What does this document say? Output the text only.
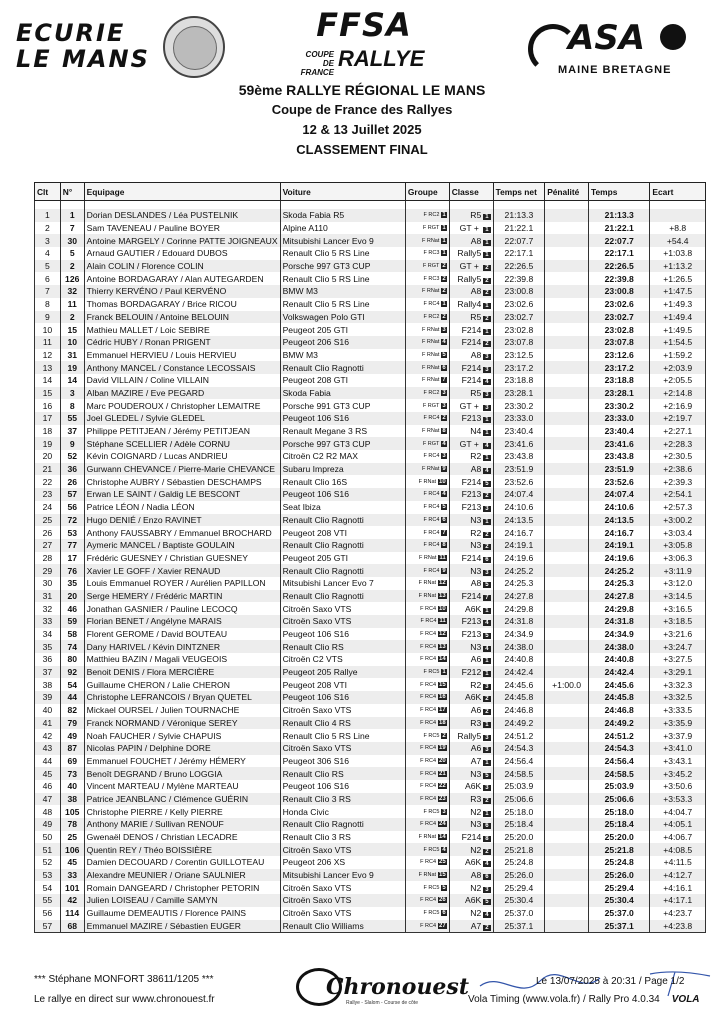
ECURIE
LE MANS
FFSA
COUPE DE FRANCE
RALLYE
ASA
MAINE BRETAGNE
59ème RALLYE RÉGIONAL LE MANS
Coupe de France des Rallyes
12 & 13 Juillet 2025
CLASSEMENT FINAL
Clt	N°	Equipage	Voiture	Groupe	Classe	Temps net	Pénalité	Temps	Ecart

1	1	Dorian DESLANDES / Léa PUSTELNIK	Skoda Fabia R5	F RC2 1	R5 1	21:13.3		21:13.3	
2	7	Sam TAVENEAU / Pauline BOYER	Alpine A110	F RGT 1	GT + 1	21:22.1		21:22.1	+8.8
3	30	Antoine MARGELY / Corinne PATTE JOIGNEAUX	Mitsubishi Lancer Evo 9	F RNat 1	A8 1	22:07.7		22:07.7	+54.4
4	5	Arnaud GAUTIER / Edouard DUBOS	Renault Clio 5 RS Line	F RC3 1	Rally5 1	22:17.1		22:17.1	+1:03.8
5	2	Alain COLIN / Florence COLIN	Porsche 997 GT3 CUP	F RGT 2	GT + 2	22:26.5		22:26.5	+1:13.2
6	126	Antoine BORDAGARAY / Alan AUTEGARDEN	Renault Clio 5 RS Line	F RC3 2	Rally5 2	22:39.8		22:39.8	+1:26.5
7	32	Thierry KERVÉNO / Paul KERVÉNO	BMW M3	F RNat 2	A8 2	23:00.8		23:00.8	+1:47.5
8	11	Thomas BORDAGARAY / Brice RICOU	Renault Clio 5 RS Line	F RC4 1	Rally4 1	23:02.6		23:02.6	+1:49.3
9	2	Franck BELOUIN / Antoine BELOUIN	Volkswagen Polo GTI	F RC2 2	R5 2	23:02.7		23:02.7	+1:49.4
10	15	Mathieu MALLET / Loic SEBIRE	Peugeot 205 GTI	F RNat 3	F214 1	23:02.8		23:02.8	+1:49.5
11	10	Cédric HUBY / Ronan PRIGENT	Peugeot 206 S16	F RNat 4	F214 2	23:07.8		23:07.8	+1:54.5
12	31	Emmanuel HERVIEU / Louis HERVIEU	BMW M3	F RNat 5	A8 3	23:12.5		23:12.6	+1:59.2
13	19	Anthony MANCEL / Constance LECOSSAIS	Renault Clio Ragnotti	F RNat 6	F214 3	23:17.2		23:17.2	+2:03.9
14	14	David VILLAIN / Coline VILLAIN	Peugeot 208 GTI	F RNat 7	F214 4	23:18.8		23:18.8	+2:05.5
15	3	Alban MAZIRE / Eve PEGARD	Skoda Fabia	F RC2 3	R5 3	23:28.1		23:28.1	+2:14.8
16	8	Marc POUDEROUX / Christopher LEMAITRE	Porsche 991 GT3 CUP	F RGT 3	GT + 3	23:30.2		23:30.2	+2:16.9
17	55	Joel GLEDEL / Sylvie GLEDEL	Peugeot 106 S16	F RC4 2	F213 1	23:33.0		23:33.0	+2:19.7
18	37	Philippe PETITJEAN / Jérémy PETITJEAN	Renault Megane 3 RS	F RNat 8	N4 1	23:40.4		23:40.4	+2:27.1
19	9	Stéphane SCELLIER / Adèle CORNU	Porsche 997 GT3 CUP	F RGT 4	GT + 4	23:41.6		23:41.6	+2:28.3
20	52	Kévin COIGNARD / Lucas ANDRIEU	Citroën C2 R2 MAX	F RC4 3	R2 1	23:43.8		23:43.8	+2:30.5
21	36	Gurwann CHEVANCE / Pierre-Marie CHEVANCE	Subaru Impreza	F RNat 9	A8 4	23:51.9		23:51.9	+2:38.6
22	26	Christophe AUBRY / Sébastien DESCHAMPS	Renault Clio 16S	F RNat 10	F214 5	23:52.6		23:52.6	+2:39.3
23	57	Erwan LE SAINT / Galdig LE BESCONT	Peugeot 106 S16	F RC4 4	F213 2	24:07.4		24:07.4	+2:54.1
24	56	Patrice LÉON / Nadia LÉON	Seat Ibiza	F RC4 5	F213 3	24:10.6		24:10.6	+2:57.3
25	72	Hugo DENIÉ / Enzo RAVINET	Renault Clio Ragnotti	F RC4 6	N3 1	24:13.5		24:13.5	+3:00.2
26	53	Anthony FAUSSABRY / Emmanuel BROCHARD	Peugeot 208 VTI	F RC4 7	R2 2	24:16.7		24:16.7	+3:03.4
27	77	Aymeric MANCEL / Baptiste GOULAIN	Renault Clio Ragnotti	F RC4 8	N3 2	24:19.1		24:19.1	+3:05.8
28	17	Frédéric GUESNEY / Christian GUESNEY	Peugeot 205 GTI	F RNat 11	F214 6	24:19.6		24:19.6	+3:06.3
29	76	Xavier LE GOFF / Xavier RENAUD	Renault Clio Ragnotti	F RC4 9	N3 3	24:25.2		24:25.2	+3:11.9
30	35	Louis Emmanuel ROYER / Aurélien PAPILLON	Mitsubishi Lancer Evo 7	F RNat 12	A8 5	24:25.3		24:25.3	+3:12.0
31	20	Serge HEMERY / Frédéric MARTIN	Renault Clio Ragnotti	F RNat 13	F214 7	24:27.8		24:27.8	+3:14.5
32	46	Jonathan GASNIER / Pauline LECOCQ	Citroën Saxo VTS	F RC4 10	A6K 1	24:29.8		24:29.8	+3:16.5
33	59	Florian BENET / Angélyne MARAIS	Citroën Saxo VTS	F RC4 11	F213 4	24:31.8		24:31.8	+3:18.5
34	58	Florent GEROME / David BOUTEAU	Peugeot 106 S16	F RC4 12	F213 5	24:34.9		24:34.9	+3:21.6
35	74	Dany HARIVEL / Kévin DINTZNER	Renault Clio RS	F RC4 13	N3 4	24:38.0		24:38.0	+3:24.7
36	80	Matthieu BAZIN / Magali VEUGEOIS	Citroën C2 VTS	F RC4 14	A6 1	24:40.8		24:40.8	+3:27.5
37	92	Benoit DENIS / Flora MERCIÈRE	Peugeot 205 Rallye	F RC5 1	F212 1	24:42.4		24:42.4	+3:29.1
38	54	Guillaume CHERON / Lalie CHERON	Peugeot 208 VTI	F RC4 15	R2 3	24:45.6	+1:00.0	24:45.6	+3:32.3
39	44	Christophe LEFRANCOIS / Bryan QUETEL	Peugeot 106 S16	F RC4 16	A6K 2	24:45.8		24:45.8	+3:32.5
40	82	Mickael OURSEL / Julien TOURNACHE	Citroën Saxo VTS	F RC4 17	A6 2	24:46.8		24:46.8	+3:33.5
41	79	Franck NORMAND / Véronique SEREY	Renault Clio 4 RS	F RC4 18	R3 1	24:49.2		24:49.2	+3:35.9
42	49	Noah FAUCHER / Sylvie CHAPUIS	Renault Clio 5 RS Line	F RC5 2	Rally5 3	24:51.2		24:51.2	+3:37.9
43	87	Nicolas PAPIN / Delphine DORE	Citroën Saxo VTS	F RC4 19	A6 3	24:54.3		24:54.3	+3:41.0
44	69	Emmanuel FOUCHET / Jérémy HÉMERY	Peugeot 306 S16	F RC4 20	A7 1	24:56.4		24:56.4	+3:43.1
45	73	Benoît DEGRAND / Bruno LOGGIA	Renault Clio RS	F RC4 21	N3 5	24:58.5		24:58.5	+3:45.2
46	40	Vincent MARTEAU / Mylène MARTEAU	Peugeot 106 S16	F RC4 22	A6K 3	25:03.9		25:03.9	+3:50.6
47	38	Patrice JEANBLANC / Clémence GUÉRIN	Renault Clio 3 RS	F RC4 23	R3 2	25:06.6		25:06.6	+3:53.3
48	105	Christophe PIERRE / Kelly PIERRE	Honda Civic	F RC5 3	N2 1	25:18.0		25:18.0	+4:04.7
49	78	Anthony MARIE / Sullivan RENOUF	Renault Clio Ragnotti	F RC4 24	N3 6	25:18.4		25:18.4	+4:05.1
50	25	Gwenaël DENOS / Christian LECADRE	Renault Clio 3 RS	F RNat 14	F214 8	25:20.0		25:20.0	+4:06.7
51	106	Quentin REY / Théo BOISSIÈRE	Citroën Saxo VTS	F RC5 4	N2 2	25:21.8		25:21.8	+4:08.5
52	45	Damien DECOUARD / Corentin GUILLOTEAU	Peugeot 206 XS	F RC4 25	A6K 4	25:24.8		25:24.8	+4:11.5
53	33	Alexandre MEUNIER / Oriane SAULNIER	Mitsubishi Lancer Evo 9	F RNat 15	A8 6	25:26.0		25:26.0	+4:12.7
54	101	Romain DANGEARD / Christopher PETORIN	Citroën Saxo VTS	F RC5 5	N2 3	25:29.4		25:29.4	+4:16.1
55	42	Julien LOISEAU / Camille SAMYN	Citroën Saxo VTS	F RC4 26	A6K 5	25:30.4		25:30.4	+4:17.1
56	114	Guillaume DEMEAUTIS / Florence PAINS	Citroën Saxo VTS	F RC5 6	N2 4	25:37.0		25:37.0	+4:23.7
57	68	Emmanuel MAZIRE / Sébastien EUGER	Renault Clio Williams	F RC4 27	A7 2	25:37.1		25:37.1	+4:23.8
*** Stéphane MONFORT 38611/1205 ***
Le rallye en direct sur www.chronouest.fr	Chronouest
Rallye - Slalom - Course de côte
Le 13/07/2025 à 20:31 / Page 1/2
Vola Timing (www.vola.fr) / Rally Pro 4.0.34 VOLA
